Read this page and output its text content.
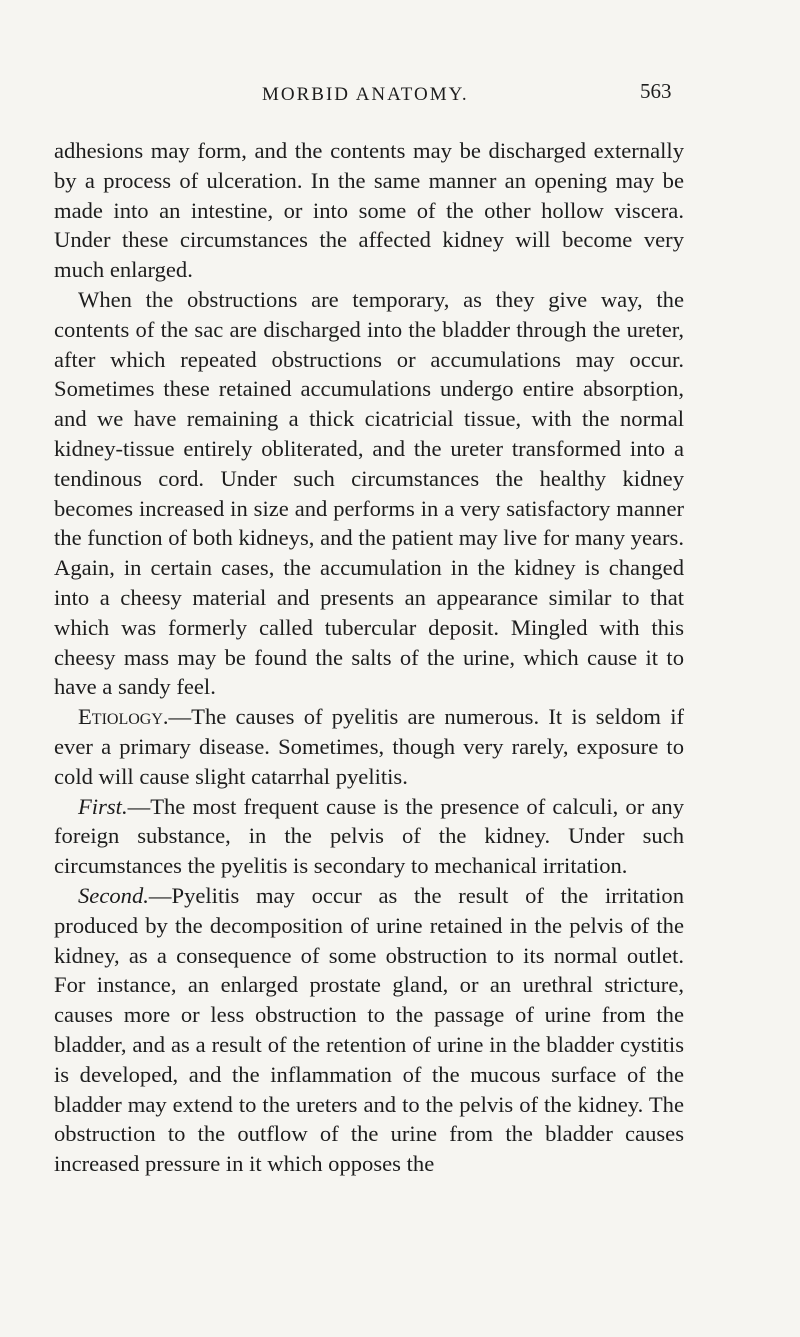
MORBID ANATOMY.	563

adhesions may form, and the contents may be discharged externally by a process of ulceration. In the same manner an opening may be made into an intestine, or into some of the other hollow viscera. Under these circumstances the affected kidney will become very much enlarged.

When the obstructions are temporary, as they give way, the contents of the sac are discharged into the bladder through the ureter, after which repeated obstructions or accumulations may occur. Sometimes these retained accumulations undergo entire absorption, and we have remaining a thick cicatricial tissue, with the normal kidney-tissue entirely obliterated, and the ureter transformed into a tendinous cord. Under such circumstances the healthy kidney becomes increased in size and performs in a very satisfactory manner the function of both kidneys, and the patient may live for many years. Again, in certain cases, the accumulation in the kidney is changed into a cheesy material and presents an appearance similar to that which was formerly called tubercular deposit. Mingled with this cheesy mass may be found the salts of the urine, which cause it to have a sandy feel.

Etiology.—The causes of pyelitis are numerous. It is seldom if ever a primary disease. Sometimes, though very rarely, exposure to cold will cause slight catarrhal pyelitis.

First.—The most frequent cause is the presence of calculi, or any foreign substance, in the pelvis of the kidney. Under such circumstances the pyelitis is secondary to mechanical irritation.

Second.—Pyelitis may occur as the result of the irritation produced by the decomposition of urine retained in the pelvis of the kidney, as a consequence of some obstruction to its normal outlet. For instance, an enlarged prostate gland, or an urethral stricture, causes more or less obstruction to the passage of urine from the bladder, and as a result of the retention of urine in the bladder cystitis is developed, and the inflammation of the mucous surface of the bladder may extend to the ureters and to the pelvis of the kidney. The obstruction to the outflow of the urine from the bladder causes increased pressure in it which opposes the
